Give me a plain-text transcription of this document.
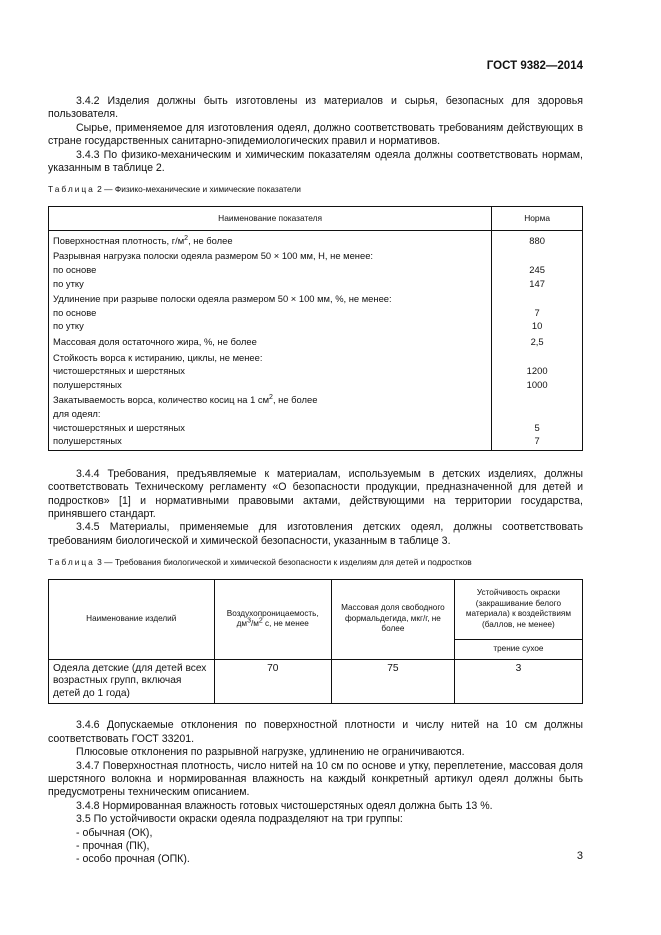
ГОСТ 9382—2014

3.4.2 Изделия должны быть изготовлены из материалов и сырья, безопасных для здоровья пользователя.

Сырье, применяемое для изготовления одеял, должно соответствовать требованиям действующих в стране государственных санитарно-эпидемиологических правил и нормативов.

3.4.3 По физико-механическим и химическим показателям одеяла должны соответствовать нормам, указанным в таблице 2.

Таблица 2 — Физико-механические и химические показатели
Наименование показателя	Норма
Поверхностная плотность, $г/м^2$, не более	880
Разрывная нагрузка полоски одеяла размером 50 × 100 мм, Н, не менее:	
по основе	245
по утку	147
Удлинение при разрыве полоски одеяла размером 50 × 100 мм, %, не менее:	
по основе	7
по утку	10
Массовая доля остаточного жира, %, не более	2,5
Стойкость ворса к истиранию, циклы, не менее:	
чистошерстяных и шерстяных	1200
полушерстяных	1000
Закатываемость ворса, количество косиц на 1 $см^2$, не более	
для одеял:	
чистошерстяных и шерстяных	5
полушерстяных	7

3.4.4 Требования, предъявляемые к материалам, используемым в детских изделиях, должны соответствовать Техническому регламенту «О безопасности продукции, предназначенной для детей и подростков» [1] и нормативными правовыми актами, действующими на территории государства, принявшего стандарт.

3.4.5 Материалы, применяемые для изготовления детских одеял, должны соответствовать требованиям биологической и химической безопасности, указанным в таблице 3.

Таблица 3 — Требования биологической и химической безопасности к изделиям для детей и подростков
Наименование изделий	Воздухопроницаемость, $дм^3/м^2$ с, не менее	Массовая доля свободного формальдегида, мкг/г, не более	Устойчивость окраски (закрашивание белого материала) к воздействиям (баллов, не менее)
			трение сухое
Одеяла детские (для детей всех возрастных групп, включая детей до 1 года)	70	75	3

3.4.6 Допускаемые отклонения по поверхностной плотности и числу нитей на 10 см должны соответствовать ГОСТ 33201.

Плюсовые отклонения по разрывной нагрузке, удлинению не ограничиваются.

3.4.7 Поверхностная плотность, число нитей на 10 см по основе и утку, переплетение, массовая доля шерстяного волокна и нормированная влажность на каждый конкретный артикул одеял должны быть предусмотрены техническим описанием.

3.4.8 Нормированная влажность готовых чистошерстяных одеял должна быть 13 %.

3.5 По устойчивости окраски одеяла подразделяют на три группы:

- обычная (ОК),

- прочная (ПК),

- особо прочная (ОПК).	3
